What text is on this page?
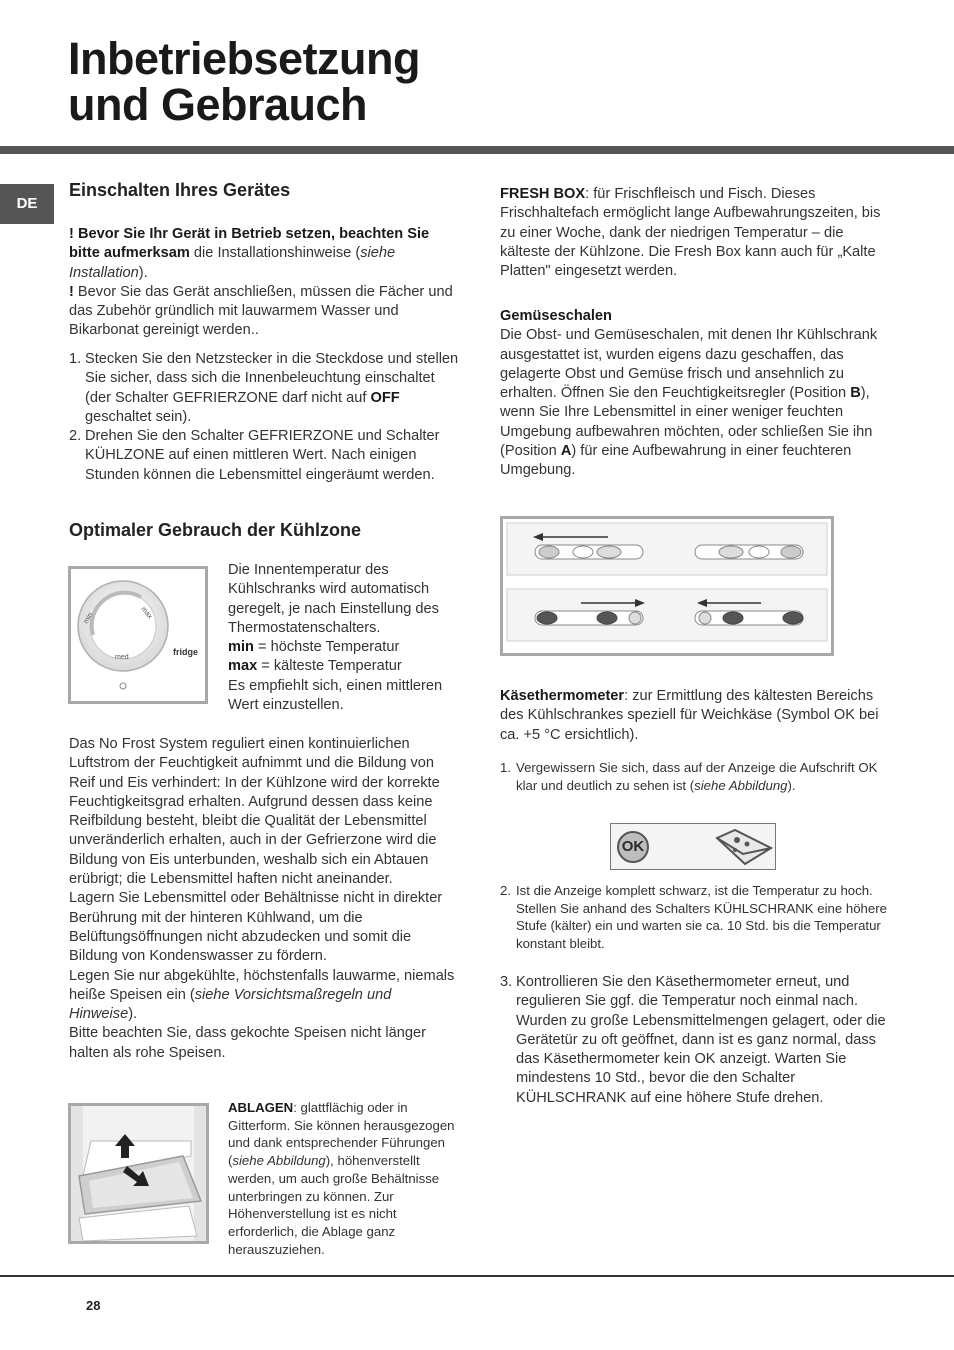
Inbetriebsetzung
und Gebrauch
DE
Einschalten Ihres Gerätes

! Bevor Sie Ihr Gerät in Betrieb setzen, beachten Sie bitte aufmerksam die Installationshinweise (siehe Installation).

! Bevor Sie das Gerät anschließen, müssen die Fächer und das Zubehör gründlich mit lauwarmem Wasser und Bikarbonat gereinigt werden..

1. Stecken Sie den Netzstecker in die Steckdose und stellen Sie sicher, dass sich die Innenbeleuchtung einschaltet (der Schalter GEFRIERZONE darf nicht auf OFF geschaltet sein).
2. Drehen Sie den Schalter GEFRIERZONE und Schalter KÜHLZONE auf einen mittleren Wert. Nach einigen Stunden können die Lebensmittel eingeräumt werden.
Optimaler Gebrauch der Kühlzone
min
med
max
fridge

Die Innentemperatur des Kühlschranks wird automatisch geregelt, je nach Einstellung des Thermostatenschalters.

min = höchste Temperatur

max = kälteste Temperatur

Es empfiehlt sich, einen mittleren Wert einzustellen.

Das No Frost System reguliert einen kontinuierlichen Luftstrom der Feuchtigkeit aufnimmt und die Bildung von Reif und Eis verhindert: In der Kühlzone wird der korrekte Feuchtigkeitsgrad erhalten. Aufgrund dessen dass keine Reifbildung besteht, bleibt die Qualität der Lebensmittel unveränderlich erhalten, auch in der Gefrierzone wird die Bildung von Eis unterbunden, weshalb sich ein Abtauen erübrigt; die Lebensmittel haften nicht aneinander.

Lagern Sie Lebensmittel oder Behältnisse nicht in direkter Berührung mit der hinteren Kühlwand, um die Belüftungsöffnungen nicht abzudecken und somit die Bildung von Kondenswasser zu fördern.

Legen Sie nur abgekühlte, höchstenfalls lauwarme, niemals heiße Speisen ein (siehe Vorsichtsmaßregeln und Hinweise).

Bitte beachten Sie, dass gekochte Speisen nicht länger halten als rohe Speisen.

ABLAGEN: glattflächig oder in Gitterform. Sie können herausgezogen und dank entsprechender Führungen (siehe Abbildung), höhenverstellt werden, um auch große Behältnisse unterbringen zu können. Zur Höhenverstellung ist es nicht erforderlich, die Ablage ganz herauszuziehen.

FRESH BOX: für Frischfleisch und Fisch. Dieses Frischhaltefach ermöglicht lange Aufbewahrungszeiten, bis zu einer Woche, dank der niedrigen Temperatur – die kälteste der Kühlzone. Die Fresh Box kann auch für „Kalte Platten" eingesetzt werden.

Gemüseschalen

Die Obst- und Gemüseschalen, mit denen Ihr Kühlschrank ausgestattet ist, wurden eigens dazu geschaffen, das gelagerte Obst und Gemüse frisch und ansehnlich zu erhalten. Öffnen Sie den Feuchtigkeitsregler (Position B), wenn Sie Ihre Lebensmittel in einer weniger feuchten Umgebung aufbewahren möchten, oder schließen Sie ihn (Position A) für eine Aufbewahrung in einer feuchteren Umgebung.

Käsethermometer: zur Ermittlung des kältesten Bereichs des Kühlschrankes speziell für Weichkäse (Symbol OK bei ca. +5 °C ersichtlich).

1. Vergewissern Sie sich, dass auf der Anzeige die Aufschrift OK klar und deutlich zu sehen ist (siehe Abbildung).
OK
2. Ist die Anzeige komplett schwarz, ist die Temperatur zu hoch. Stellen Sie anhand des Schalters KÜHLSCHRANK eine höhere Stufe (kälter) ein und warten sie ca. 10 Std. bis die Temperatur konstant bleibt.
3. Kontrollieren Sie den Käsethermometer erneut, und regulieren Sie ggf. die Temperatur noch einmal nach. Wurden zu große Lebensmittelmengen gelagert, oder die Gerätetür zu oft geöffnet, dann ist es ganz normal, dass das Käsethermometer kein OK anzeigt. Warten Sie mindestens 10 Std., bevor die den Schalter KÜHLSCHRANK auf eine höhere Stufe drehen.
28
